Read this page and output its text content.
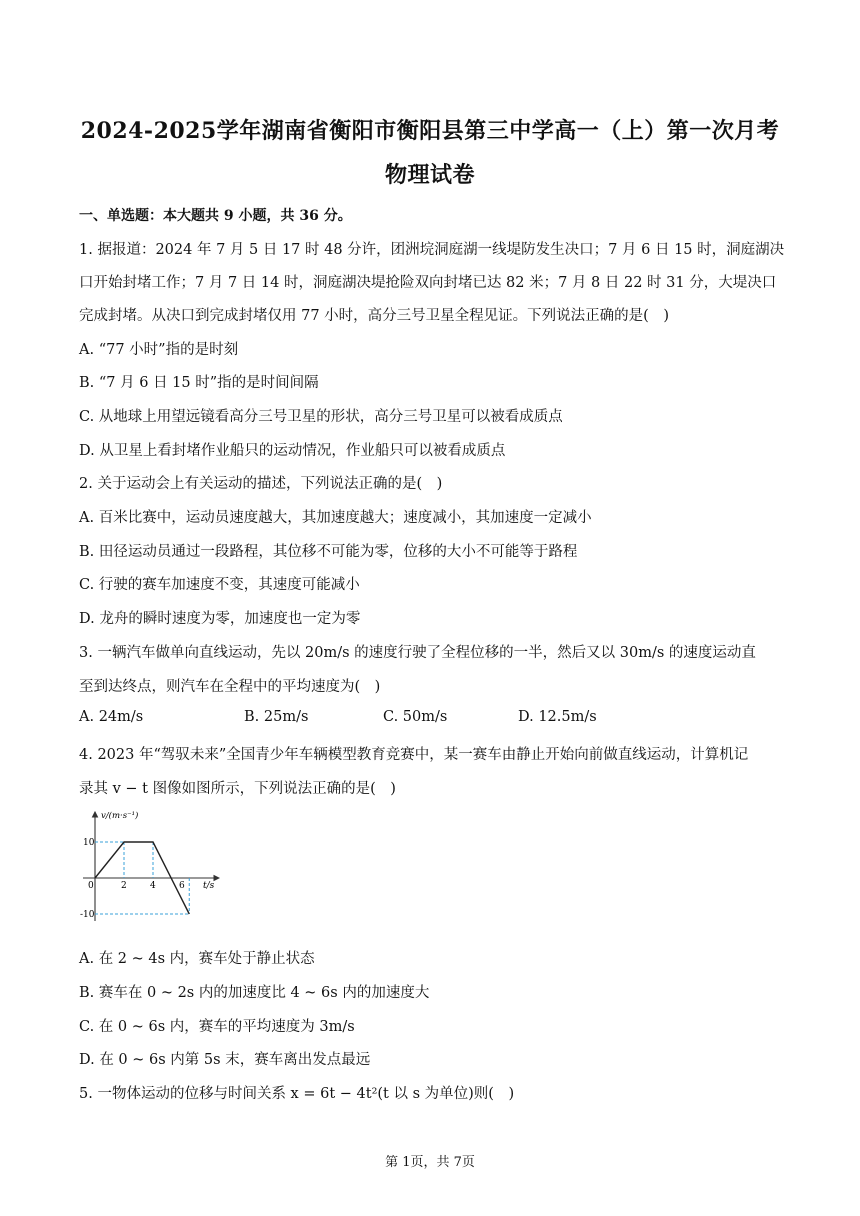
2024-2025学年湖南省衡阳市衡阳县第三中学高一（上）第一次月考
物理试卷
一、单选题：本大题共 9 小题，共 36 分。
1. 据报道：2024 年 7 月 5 日 17 时 48 分许，团洲垸洞庭湖一线堤防发生决口；7 月 6 日 15 时，洞庭湖决
口开始封堵工作；7 月 7 日 14 时，洞庭湖决堤抢险双向封堵已达 82 米；7 月 8 日 22 时 31 分，大堤决口
完成封堵。从决口到完成封堵仅用 77 小时，高分三号卫星全程见证。下列说法正确的是(　)
A. “77 小时”指的是时刻
B. “7 月 6 日 15 时”指的是时间间隔
C. 从地球上用望远镜看高分三号卫星的形状，高分三号卫星可以被看成质点
D. 从卫星上看封堵作业船只的运动情况，作业船只可以被看成质点
2. 关于运动会上有关运动的描述，下列说法正确的是(　)
A. 百米比赛中，运动员速度越大，其加速度越大；速度减小，其加速度一定减小
B. 田径运动员通过一段路程，其位移不可能为零，位移的大小不可能等于路程
C. 行驶的赛车加速度不变，其速度可能减小
D. 龙舟的瞬时速度为零，加速度也一定为零
3. 一辆汽车做单向直线运动，先以 20m/s 的速度行驶了全程位移的一半，然后又以 30m/s 的速度运动直
至到达终点，则汽车在全程中的平均速度为(　)
A. 24m/s	B. 25m/s	C. 50m/s	D. 12.5m/s
4. 2023 年“驾驭未来”全国青少年车辆模型教育竞赛中，某一赛车由静止开始向前做直线运动，计算机记
录其 v − t 图像如图所示，下列说法正确的是(　)
v/(m·s⁻¹)
t/s
0	2	4	6
10
-10
A. 在 2 ~ 4s 内，赛车处于静止状态
B. 赛车在 0 ~ 2s 内的加速度比 4 ~ 6s 内的加速度大
C. 在 0 ~ 6s 内，赛车的平均速度为 3m/s
D. 在 0 ~ 6s 内第 5s 末，赛车离出发点最远
5. 一物体运动的位移与时间关系 x = 6t − 4t²(t 以 s 为单位)则(　)
第 1页，共 7页
